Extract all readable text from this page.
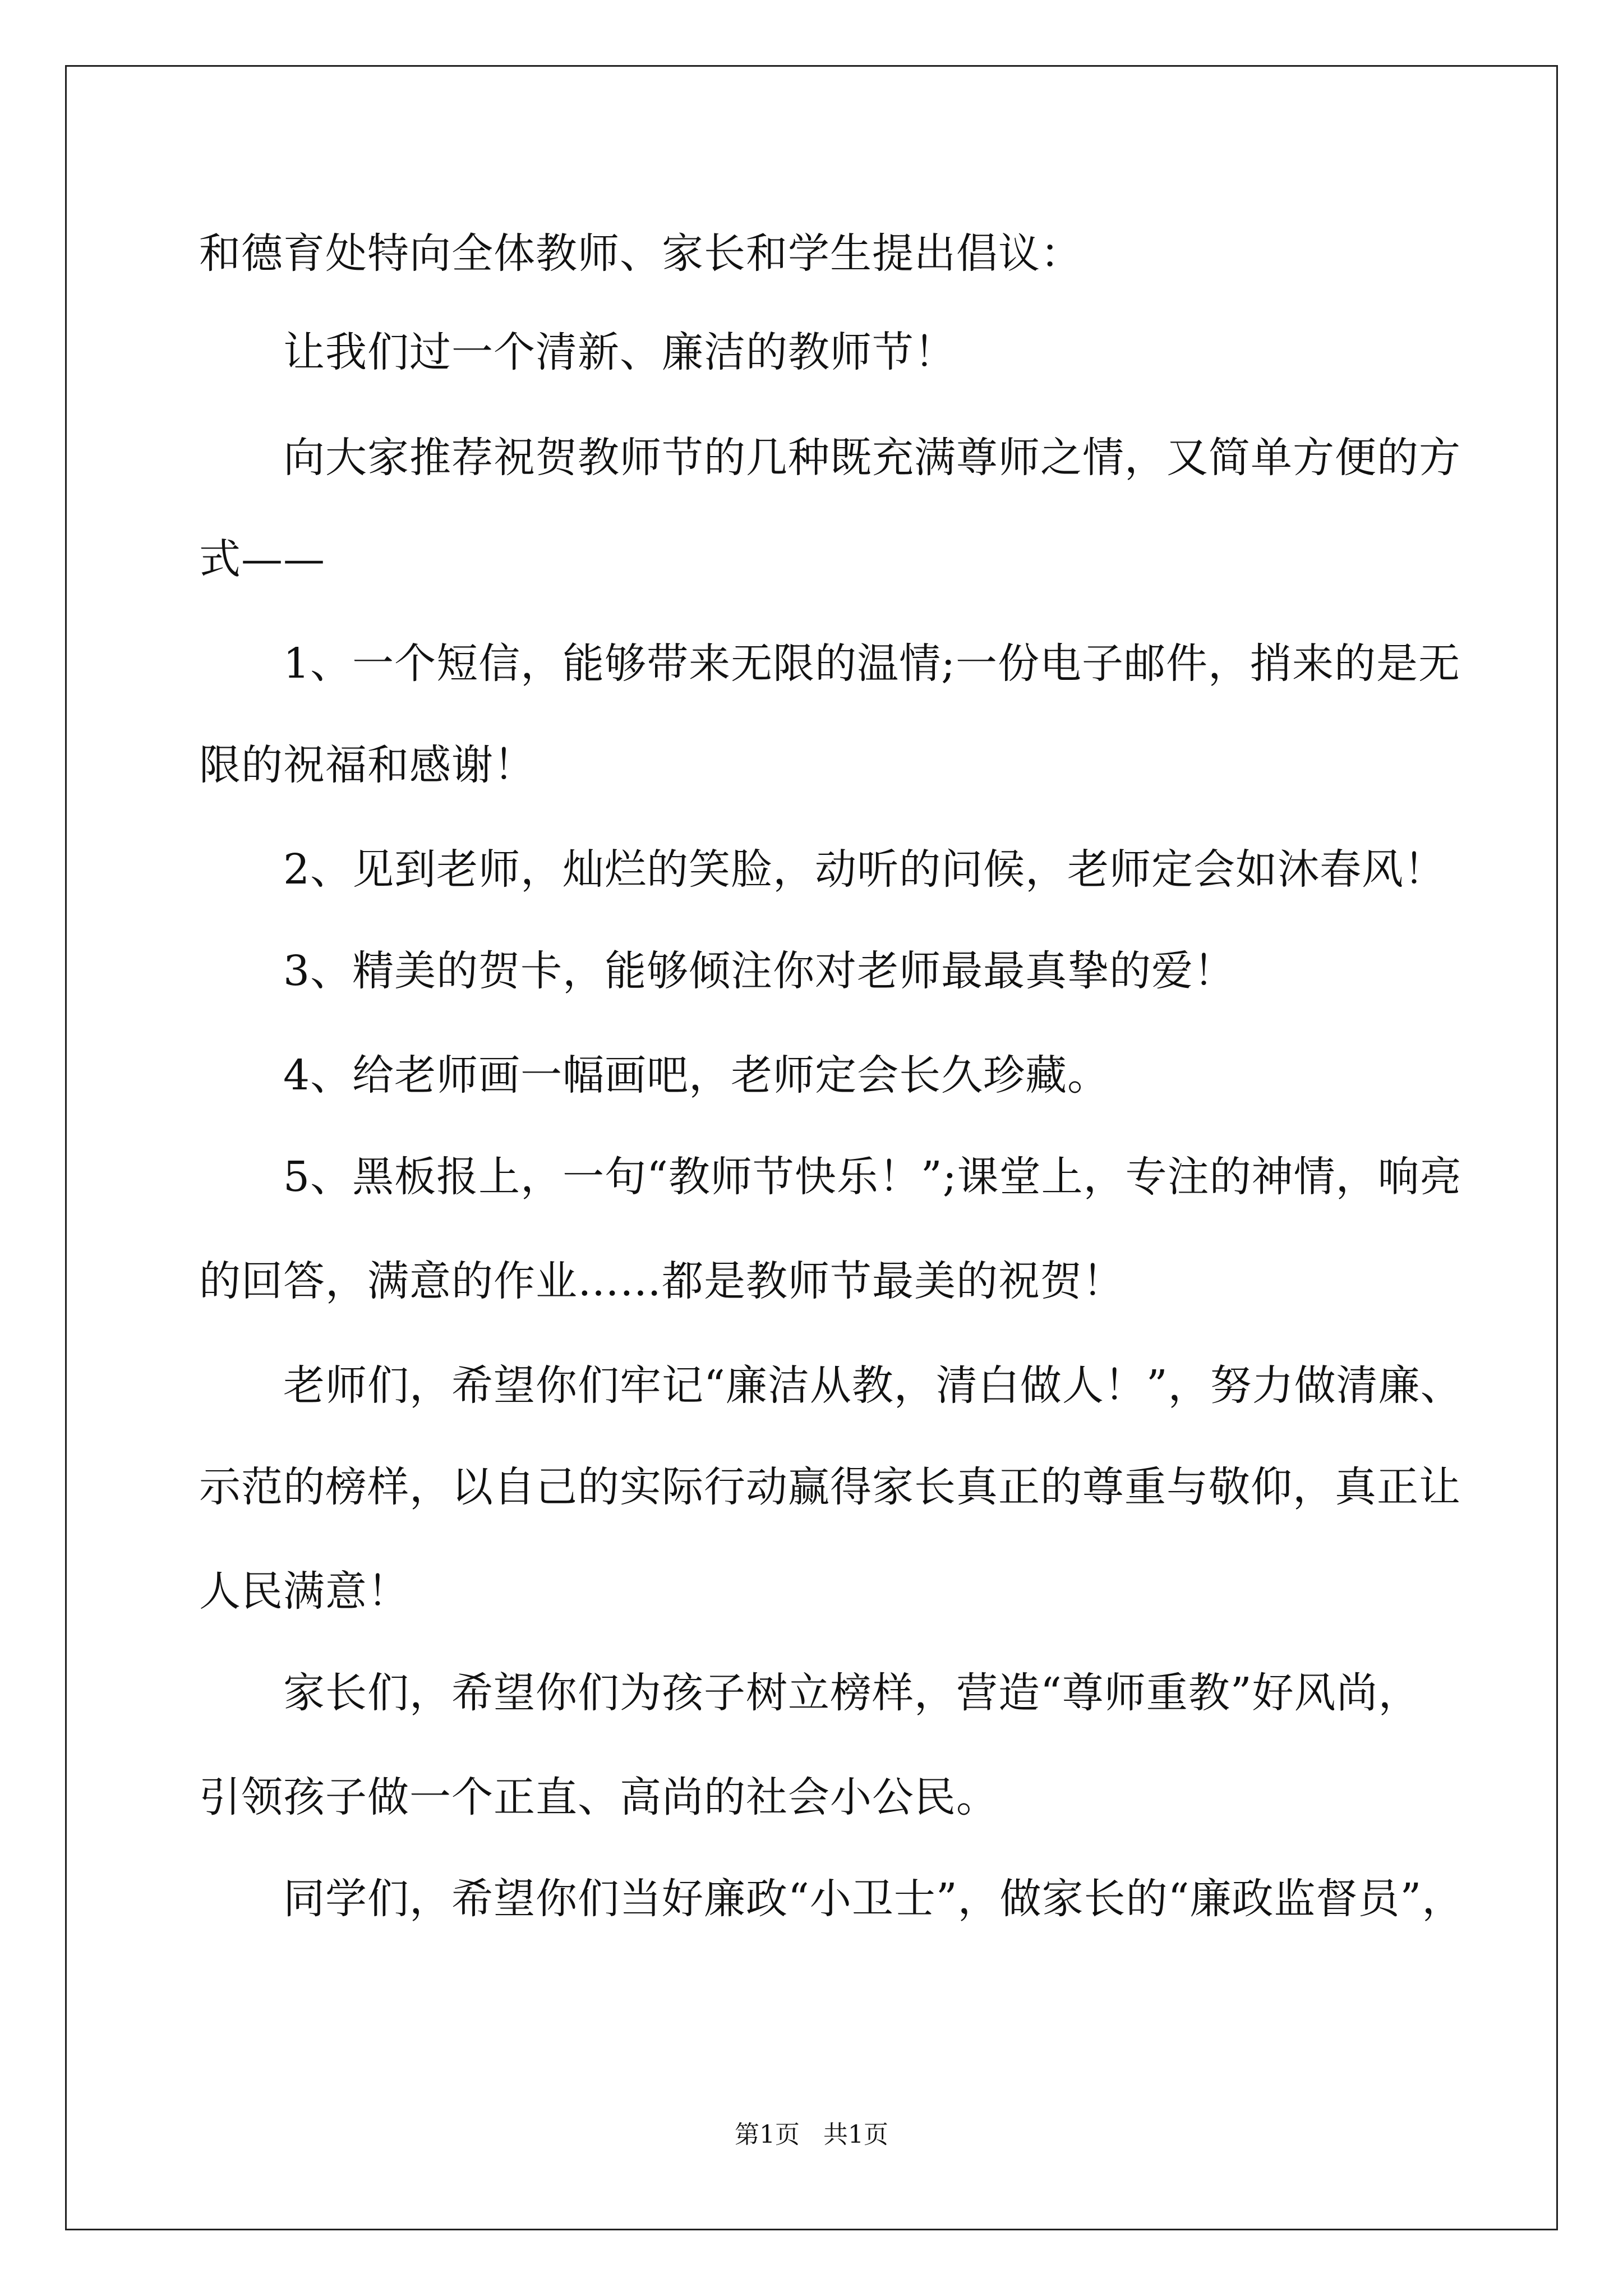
和德育处特向全体教师、家长和学生提出倡议：
让我们过一个清新、廉洁的教师节！
向大家推荐祝贺教师节的几种既充满尊师之情，又简单方便的方
式——
1、一个短信，能够带来无限的温情;一份电子邮件，捎来的是无
限的祝福和感谢！
2、见到老师，灿烂的笑脸，动听的问候，老师定会如沐春风！
3、精美的贺卡，能够倾注你对老师最最真挚的爱！
4、给老师画一幅画吧，老师定会长久珍藏。
5、黑板报上，一句“教师节快乐！”;课堂上，专注的神情，响亮
的回答，满意的作业……都是教师节最美的祝贺！
老师们，希望你们牢记“廉洁从教，清白做人！”，努力做清廉、
示范的榜样，以自己的实际行动赢得家长真正的尊重与敬仰，真正让
人民满意！
家长们，希望你们为孩子树立榜样，营造“尊师重教”好风尚，
引领孩子做一个正直、高尚的社会小公民。
同学们，希望你们当好廉政“小卫士”，做家长的“廉政监督员”，
第1页   共1页
